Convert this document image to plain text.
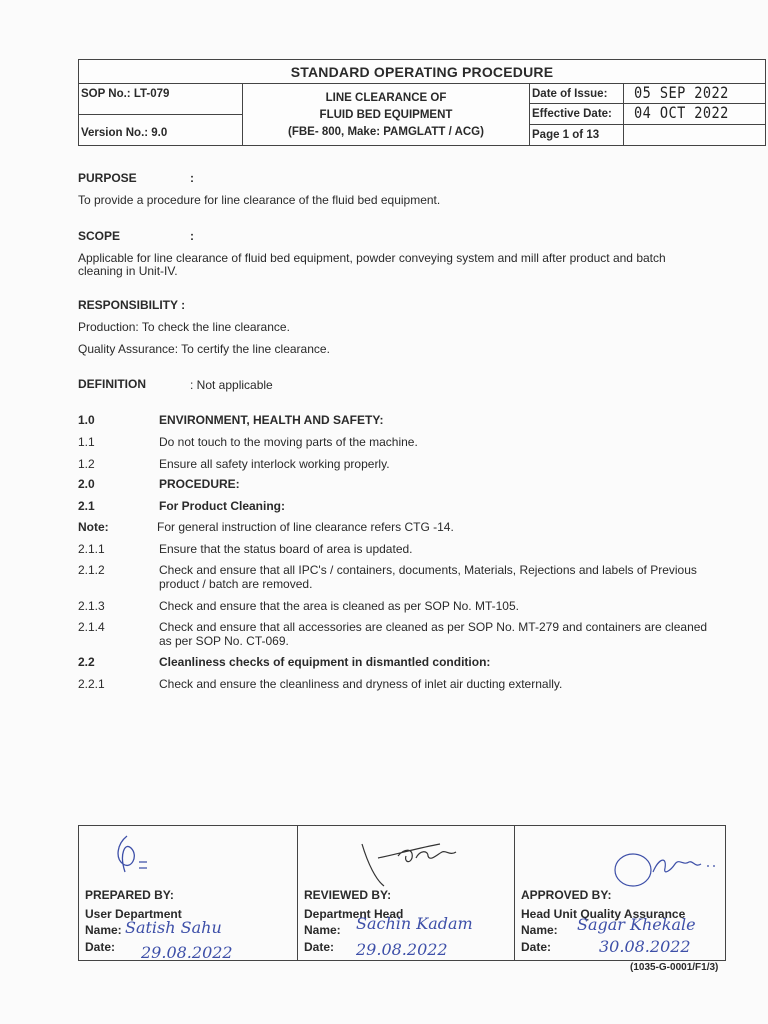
STANDARD OPERATING PROCEDURE
SOP No.: LT-079
Version No.: 9.0
LINE CLEARANCE OF
FLUID BED EQUIPMENT
(FBE- 800, Make: PAMGLATT / ACG)
Date of Issue: 05 SEP 2022
Effective Date: 04 OCT 2022
Page 1 of 13
PURPOSE	:
To provide a procedure for line clearance of the fluid bed equipment.
SCOPE	:
Applicable for line clearance of fluid bed equipment, powder conveying system and mill after product and batch
cleaning in Unit-IV.
RESPONSIBILITY :
Production: To check the line clearance.
Quality Assurance: To certify the line clearance.
DEFINITION	: Not applicable
1.0	ENVIRONMENT, HEALTH AND SAFETY:
1.1	Do not touch to the moving parts of the machine.
1.2	Ensure all safety interlock working properly.
2.0	PROCEDURE:
2.1	For Product Cleaning:
Note:	For general instruction of line clearance refers CTG -14.
2.1.1	Ensure that the status board of area is updated.
2.1.2	Check and ensure that all IPC's / containers, documents, Materials, Rejections and labels of Previous
product / batch are removed.
2.1.3	Check and ensure that the area is cleaned as per SOP No. MT-105.
2.1.4	Check and ensure that all accessories are cleaned as per SOP No. MT-279 and containers are cleaned
as per SOP No. CT-069.
2.2	Cleanliness checks of equipment in dismantled condition:
2.2.1	Check and ensure the cleanliness and dryness of inlet air ducting externally.
PREPARED BY:
User Department
Name: Satish Sahu
Date: 29.08.2022
REVIEWED BY:
Department Head
Name: Sachin Kadam
Date: 29.08.2022
APPROVED BY:
Head Unit Quality Assurance
Name: Sagar Khekale
Date:	30.08.2022
(1035-G-0001/F1/3)
